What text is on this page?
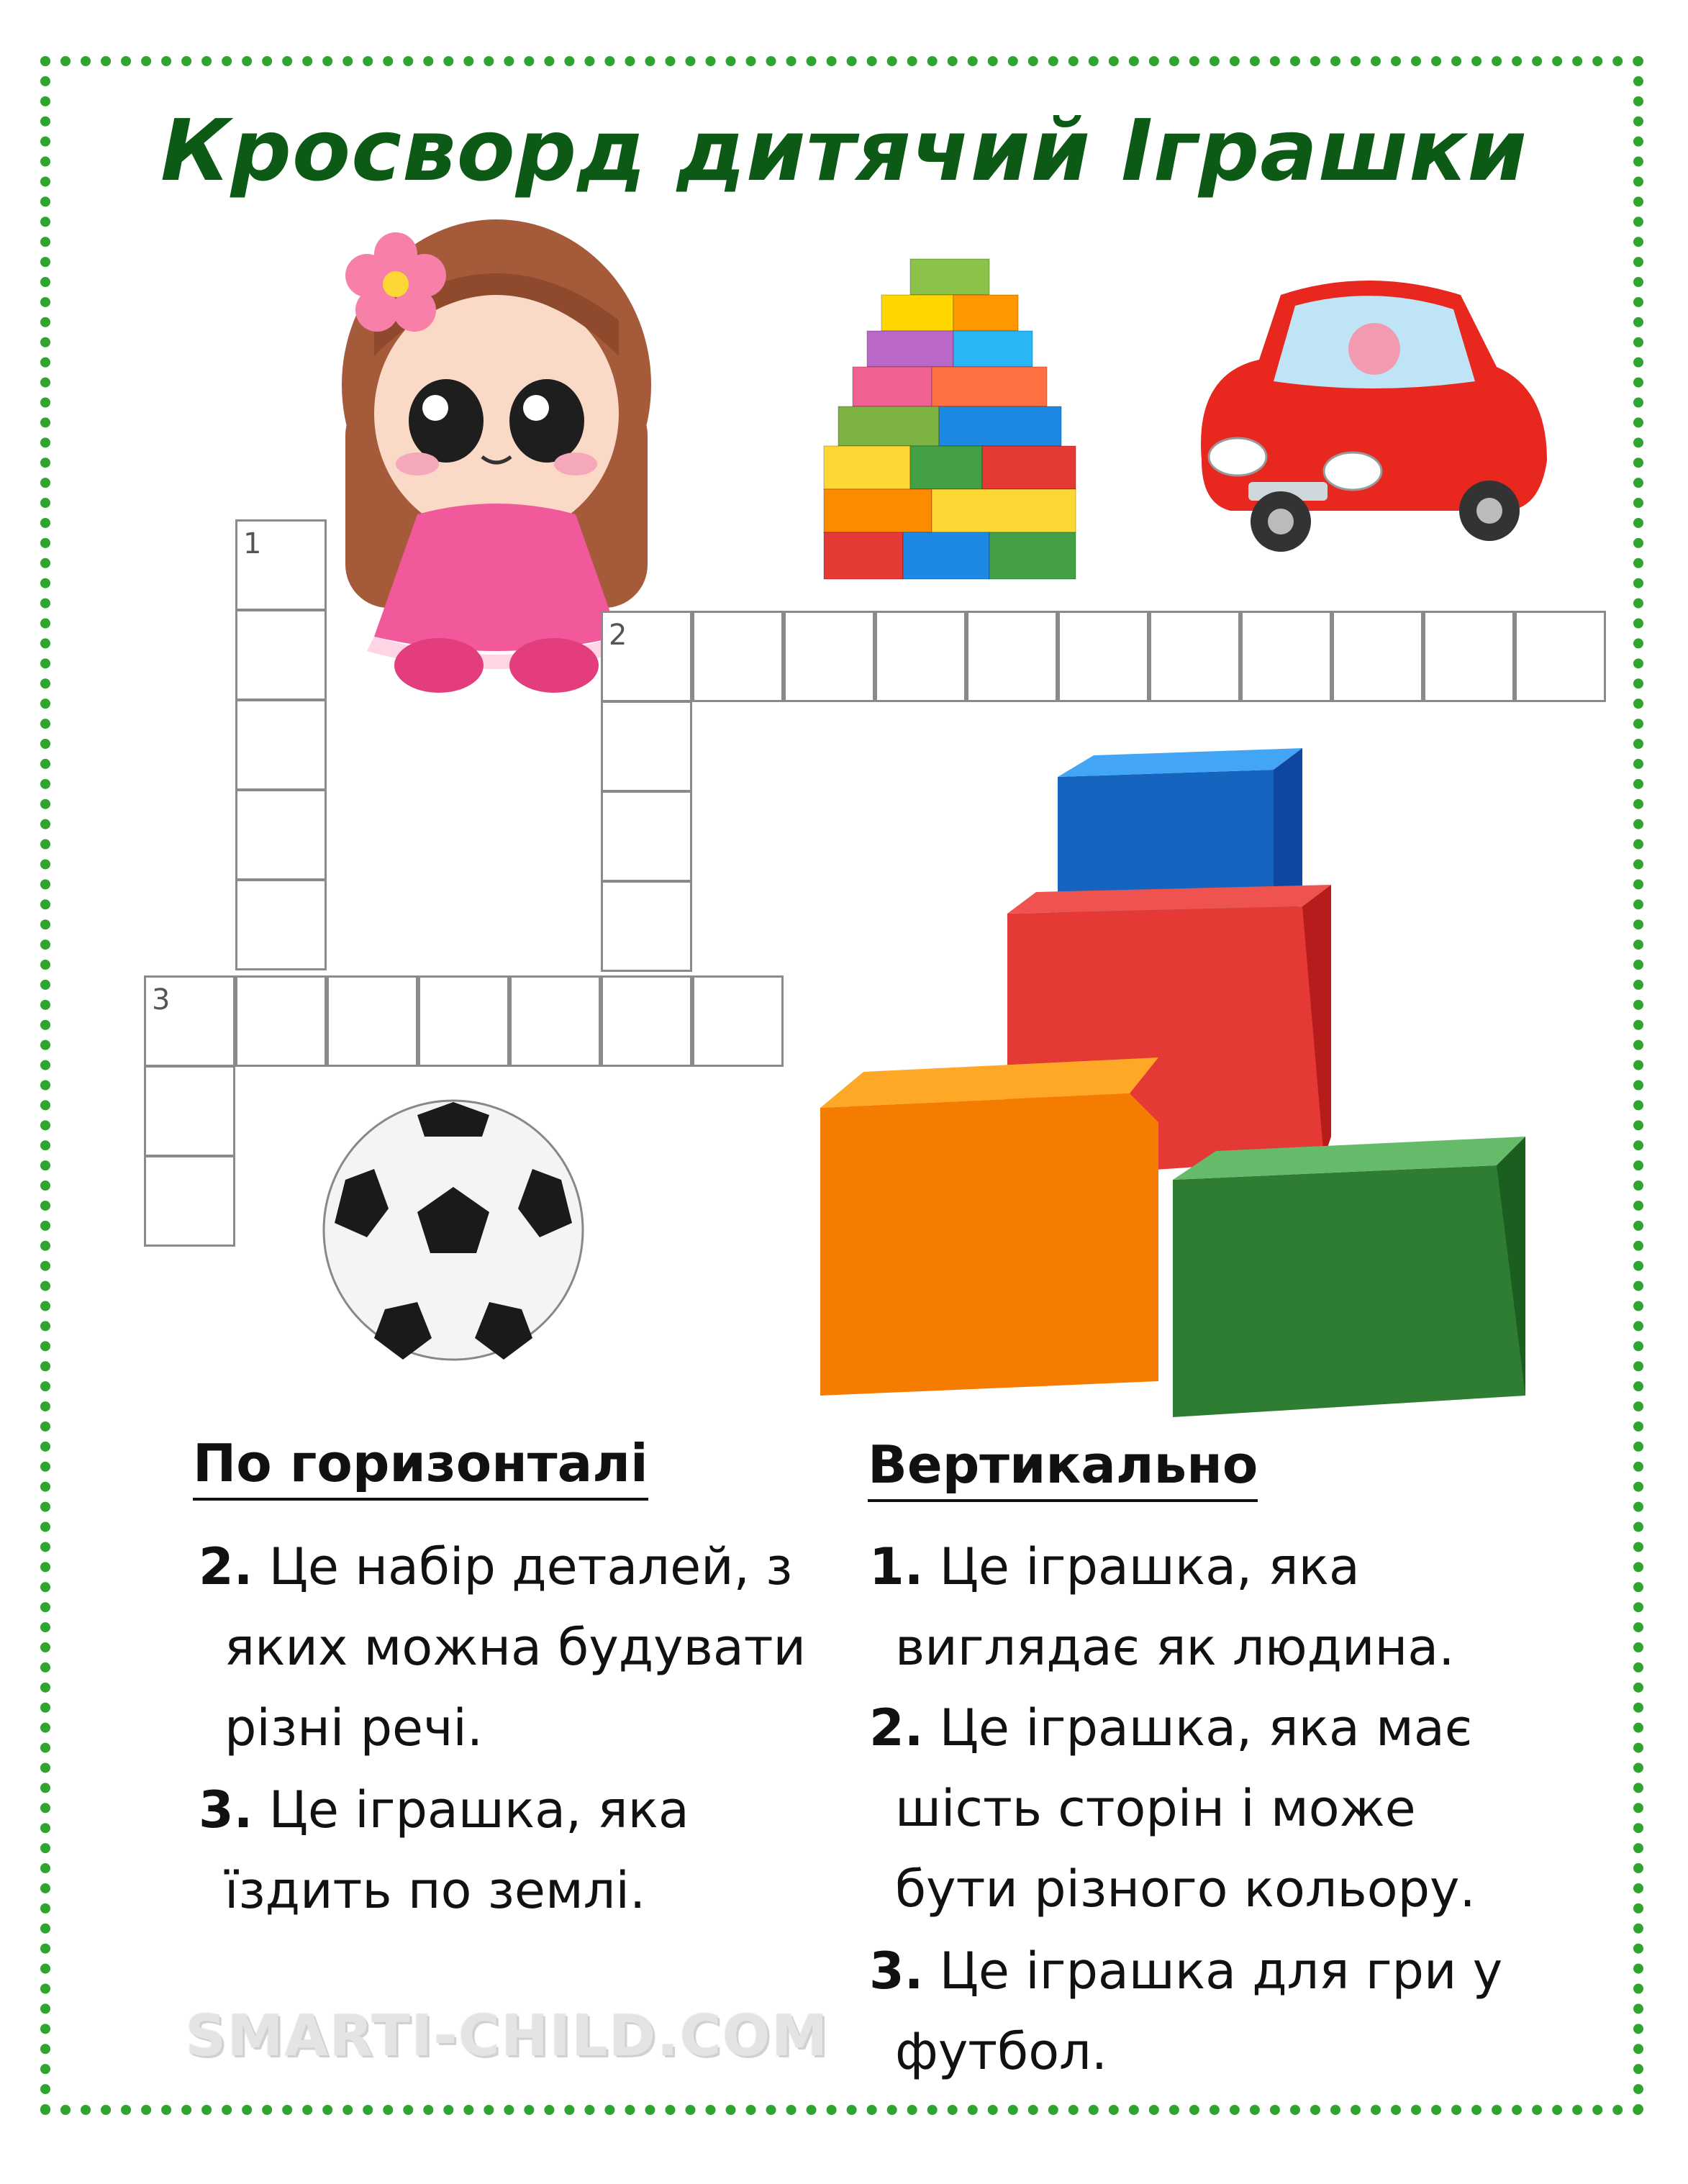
Кросворд дитячий Іграшки
1
2
3
По горизонталі
2. Це набір деталей, з
яких можна будувати
різні речі.
3. Це іграшка, яка
їздить по землі.
Вертикально
1. Це іграшка, яка
виглядає як людина.
2. Це іграшка, яка має
шість сторін і може
бути різного кольору.
3. Це іграшка для гри у
футбол.
SMARTI-CHILD.COM
